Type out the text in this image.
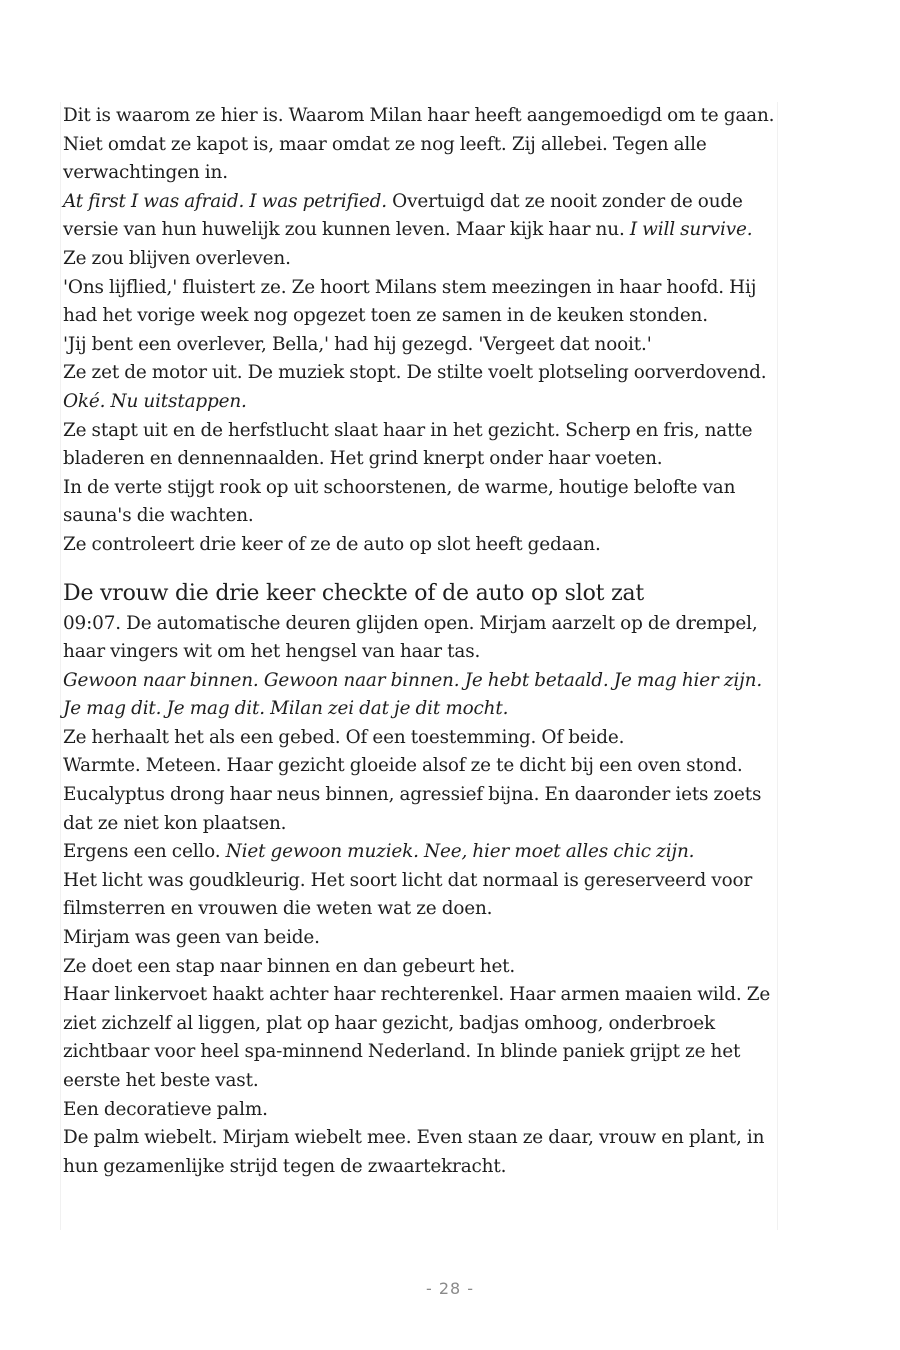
Dit is waarom ze hier is. Waarom Milan haar heeft aangemoedigd om te gaan. Niet omdat ze kapot is, maar omdat ze nog leeft. Zij allebei. Tegen alle verwachtingen in.

At first I was afraid. I was petrified. Overtuigd dat ze nooit zonder de oude versie van hun huwelijk zou kunnen leven. Maar kijk haar nu. I will survive. Ze zou blijven overleven.

'Ons lijflied,' fluistert ze. Ze hoort Milans stem meezingen in haar hoofd. Hij had het vorige week nog opgezet toen ze samen in de keuken stonden.

'Jij bent een overlever, Bella,' had hij gezegd. 'Vergeet dat nooit.'

Ze zet de motor uit. De muziek stopt. De stilte voelt plotseling oorverdovend.

Oké. Nu uitstappen.

Ze stapt uit en de herfstlucht slaat haar in het gezicht. Scherp en fris, natte bladeren en dennennaalden. Het grind knerpt onder haar voeten.

In de verte stijgt rook op uit schoorstenen, de warme, houtige belofte van sauna's die wachten.

Ze controleert drie keer of ze de auto op slot heeft gedaan.

De vrouw die drie keer checkte of de auto op slot zat

09:07. De automatische deuren glijden open. Mirjam aarzelt op de drempel, haar vingers wit om het hengsel van haar tas.

Gewoon naar binnen. Gewoon naar binnen. Je hebt betaald. Je mag hier zijn. Je mag dit. Je mag dit. Milan zei dat je dit mocht.

Ze herhaalt het als een gebed. Of een toestemming. Of beide.

Warmte. Meteen. Haar gezicht gloeide alsof ze te dicht bij een oven stond. Eucalyptus drong haar neus binnen, agressief bijna. En daaronder iets zoets dat ze niet kon plaatsen.

Ergens een cello. Niet gewoon muziek. Nee, hier moet alles chic zijn.

Het licht was goudkleurig. Het soort licht dat normaal is gereserveerd voor filmsterren en vrouwen die weten wat ze doen.

Mirjam was geen van beide.

Ze doet een stap naar binnen en dan gebeurt het.

Haar linkervoet haakt achter haar rechterenkel. Haar armen maaien wild. Ze ziet zichzelf al liggen, plat op haar gezicht, badjas omhoog, onderbroek zichtbaar voor heel spa-minnend Nederland. In blinde paniek grijpt ze het eerste het beste vast.

Een decoratieve palm.

De palm wiebelt. Mirjam wiebelt mee. Even staan ze daar, vrouw en plant, in hun gezamenlijke strijd tegen de zwaartekracht.

- 28 -
